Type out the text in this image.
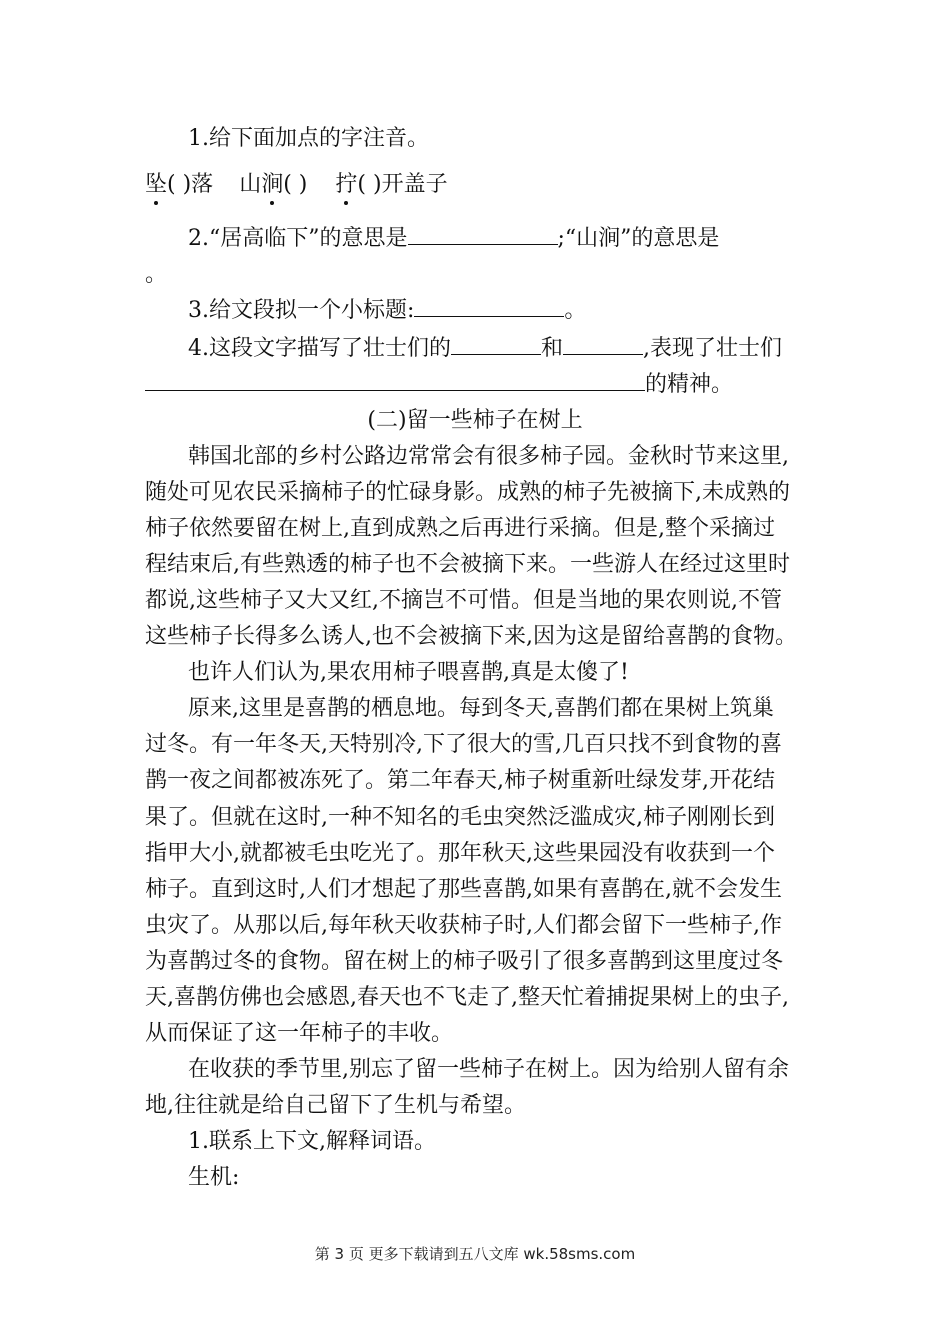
1.给下面加点的字注音。
坠( )落 山涧( ) 拧( )开盖子
2.“居高临下”的意思是	;“山涧”的意思是
。
3.给文段拟一个小标题:	。
4.这段文字描写了壮士们的	和	,表现了壮士们
的精神。
(二)留一些柿子在树上
韩国北部的乡村公路边常常会有很多柿子园。金秋时节来这里,
随处可见农民采摘柿子的忙碌身影。成熟的柿子先被摘下,未成熟的
柿子依然要留在树上,直到成熟之后再进行采摘。但是,整个采摘过
程结束后,有些熟透的柿子也不会被摘下来。一些游人在经过这里时
都说,这些柿子又大又红,不摘岂不可惜。但是当地的果农则说,不管
这些柿子长得多么诱人,也不会被摘下来,因为这是留给喜鹊的食物。
也许人们认为,果农用柿子喂喜鹊,真是太傻了!
原来,这里是喜鹊的栖息地。每到冬天,喜鹊们都在果树上筑巢
过冬。有一年冬天,天特别冷,下了很大的雪,几百只找不到食物的喜
鹊一夜之间都被冻死了。第二年春天,柿子树重新吐绿发芽,开花结
果了。但就在这时,一种不知名的毛虫突然泛滥成灾,柿子刚刚长到
指甲大小,就都被毛虫吃光了。那年秋天,这些果园没有收获到一个
柿子。直到这时,人们才想起了那些喜鹊,如果有喜鹊在,就不会发生
虫灾了。从那以后,每年秋天收获柿子时,人们都会留下一些柿子,作
为喜鹊过冬的食物。留在树上的柿子吸引了很多喜鹊到这里度过冬
天,喜鹊仿佛也会感恩,春天也不飞走了,整天忙着捕捉果树上的虫子,
从而保证了这一年柿子的丰收。
在收获的季节里,别忘了留一些柿子在树上。因为给别人留有余
地,往往就是给自己留下了生机与希望。
1.联系上下文,解释词语。
生机:
第 3 页 更多下载请到五八文库 wk.58sms.com
